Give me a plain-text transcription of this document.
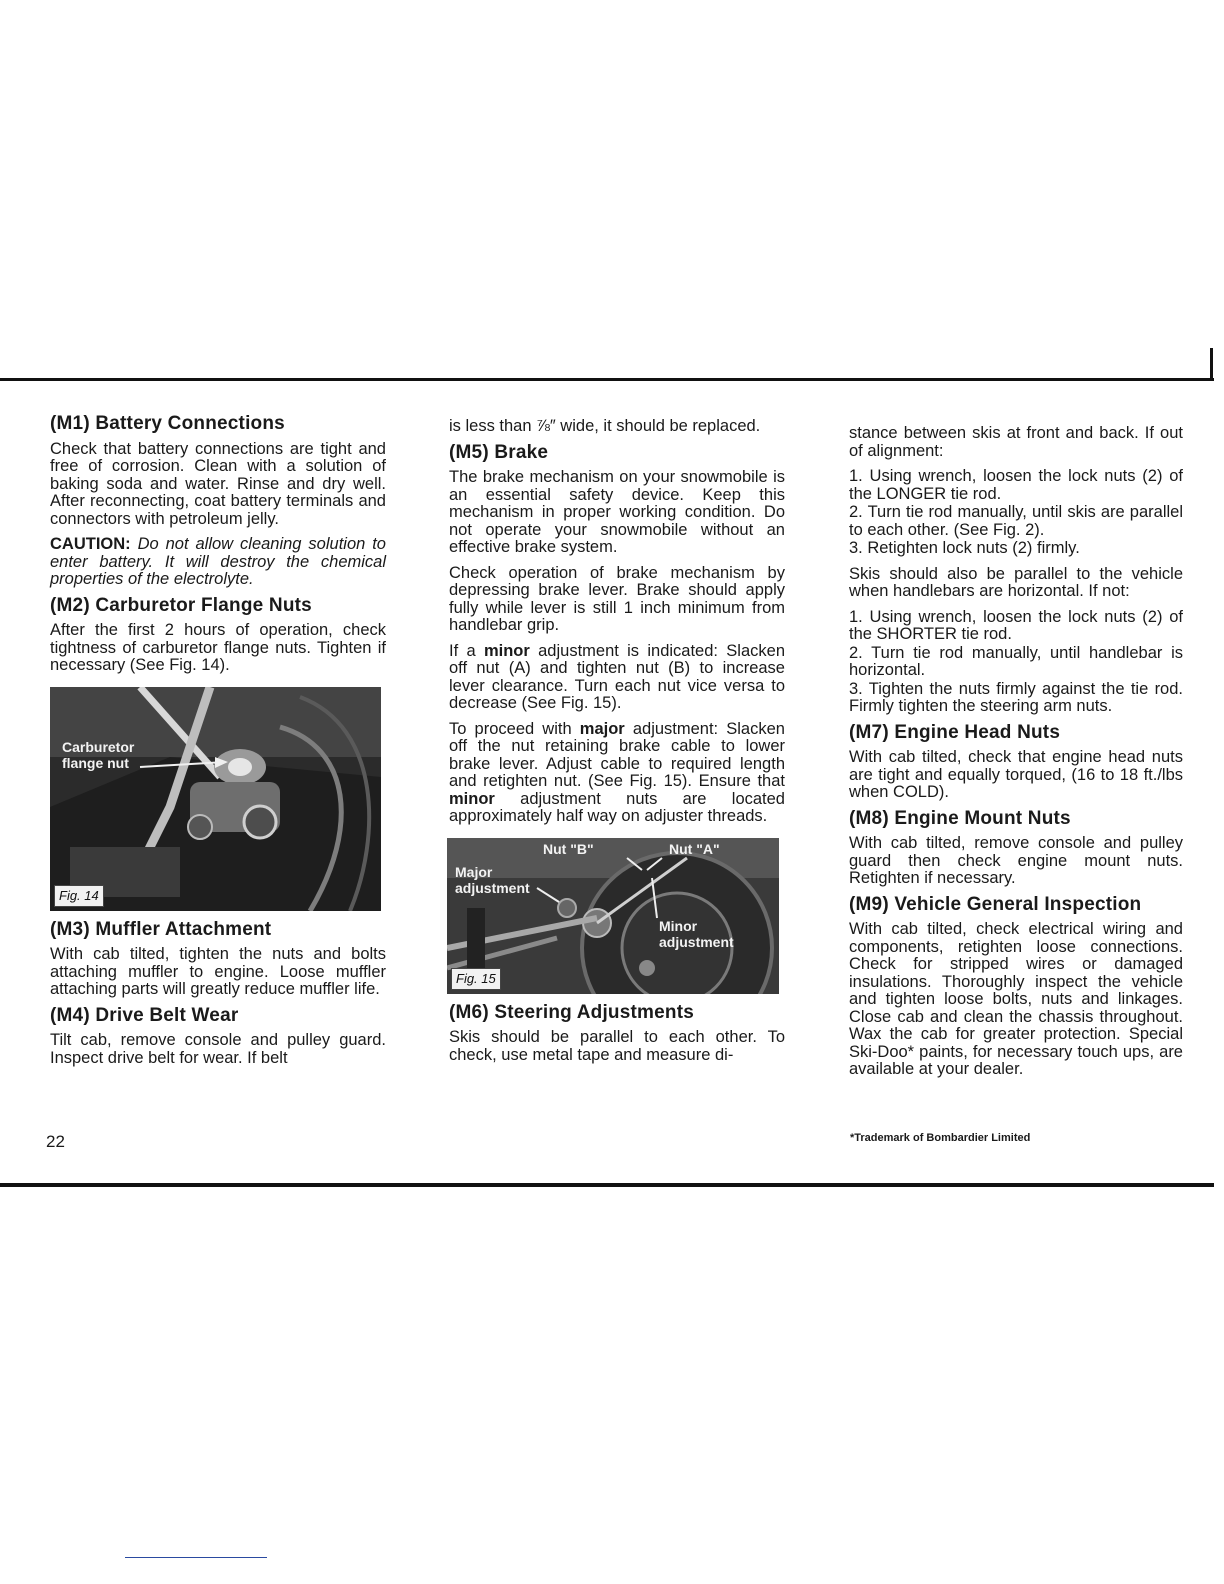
(M1) Battery Connections

Check that battery connections are tight and free of corrosion. Clean with a solution of baking soda and water. Rinse and dry well. After reconnecting, coat battery terminals and connectors with petroleum jelly.

CAUTION: Do not allow cleaning solution to enter battery. It will destroy the chemical properties of the electrolyte.

(M2) Carburetor Flange Nuts

After the first 2 hours of operation, check tightness of carburetor flange nuts. Tighten if necessary (See Fig. 14).

Carburetor
flange nut
Fig. 14
(M3) Muffler Attachment

With cab tilted, tighten the nuts and bolts attaching muffler to engine. Loose muffler attaching parts will greatly reduce muffler life.

(M4) Drive Belt Wear

Tilt cab, remove console and pulley guard. Inspect drive belt for wear. If belt

is less than ⅞″ wide, it should be replaced.

(M5) Brake

The brake mechanism on your snowmobile is an essential safety device. Keep this mechanism in proper working condition. Do not operate your snowmobile without an effective brake system.

Check operation of brake mechanism by depressing brake lever. Brake should apply fully while lever is still 1 inch minimum from handlebar grip.

If a minor adjustment is indicated: Slacken off nut (A) and tighten nut (B) to increase lever clearance. Turn each nut vice versa to decrease (See Fig. 15).

To proceed with major adjustment: Slacken off the nut retaining brake cable to lower brake lever. Adjust cable to required length and retighten nut. (See Fig. 15). Ensure that minor adjustment nuts are located approximately half way on adjuster threads.

Nut "B"	Nut "A"
Major
adjustment
Minor
adjustment
Fig. 15
(M6) Steering Adjustments

Skis should be parallel to each other. To check, use metal tape and measure di-

stance between skis at front and back. If out of alignment:

1. Using wrench, loosen the lock nuts (2) of the LONGER tie rod.

2. Turn tie rod manually, until skis are parallel to each other. (See Fig. 2).

3. Retighten lock nuts (2) firmly.

Skis should also be parallel to the vehicle when handlebars are horizontal. If not:

1. Using wrench, loosen the lock nuts (2) of the SHORTER tie rod.

2. Turn tie rod manually, until handlebar is horizontal.

3. Tighten the nuts firmly against the tie rod. Firmly tighten the steering arm nuts.

(M7) Engine Head Nuts

With cab tilted, check that engine head nuts are tight and equally torqued, (16 to 18 ft./lbs when COLD).

(M8) Engine Mount Nuts

With cab tilted, remove console and pulley guard then check engine mount nuts. Retighten if necessary.

(M9) Vehicle General Inspection

With cab tilted, check electrical wiring and components, retighten loose connections. Check for stripped wires or damaged insulations. Thoroughly inspect the vehicle and tighten loose bolts, nuts and linkages. Close cab and clean the chassis throughout. Wax the cab for greater protection. Special Ski-Doo* paints, for necessary touch ups, are available at your dealer.

22	*Trademark of Bombardier Limited
